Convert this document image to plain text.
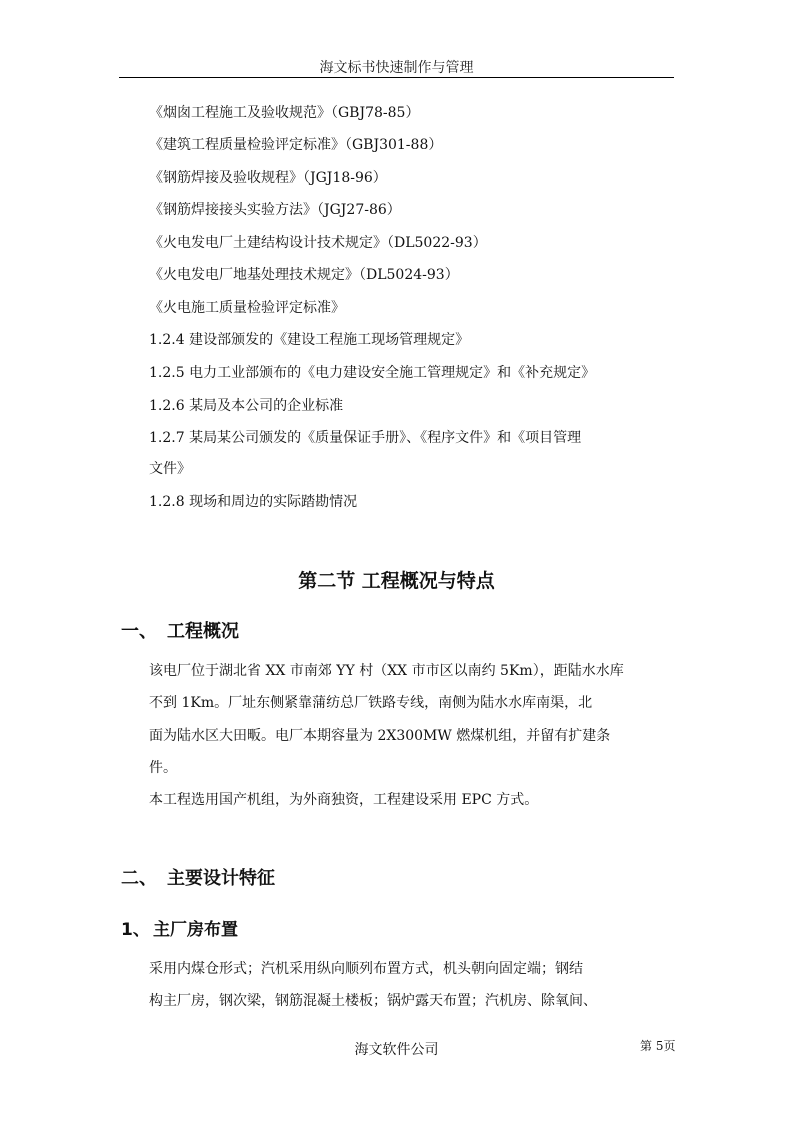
海文标书快速制作与管理
《烟囱工程施工及验收规范》（GBJ78-85）
《建筑工程质量检验评定标准》（GBJ301-88）
《钢筋焊接及验收规程》（JGJ18-96）
《钢筋焊接接头实验方法》（JGJ27-86）
《火电发电厂土建结构设计技术规定》（DL5022-93）
《火电发电厂地基处理技术规定》（DL5024-93）
《火电施工质量检验评定标准》
1.2.4 建设部颁发的《建设工程施工现场管理规定》
1.2.5 电力工业部颁布的《电力建设安全施工管理规定》和《补充规定》
1.2.6 某局及本公司的企业标准
1.2.7 某局某公司颁发的《质量保证手册》、《程序文件》和《项目管理
文件》
1.2.8 现场和周边的实际踏勘情况
第二节 工程概况与特点
一、 工程概况
该电厂位于湖北省 XX 市南郊 YY 村（XX 市市区以南约 5Km），距陆水水库
不到 1Km。厂址东侧紧靠蒲纺总厂铁路专线，南侧为陆水水库南渠，北
面为陆水区大田畈。电厂本期容量为 2X300MW 燃煤机组，并留有扩建条
件。
本工程选用国产机组，为外商独资，工程建设采用 EPC 方式。
二、 主要设计特征
1、 主厂房布置
采用内煤仓形式；汽机采用纵向顺列布置方式，机头朝向固定端；钢结
构主厂房，钢次梁，钢筋混凝土楼板；锅炉露天布置；汽机房、除氧间、
海文软件公司	第 5页
